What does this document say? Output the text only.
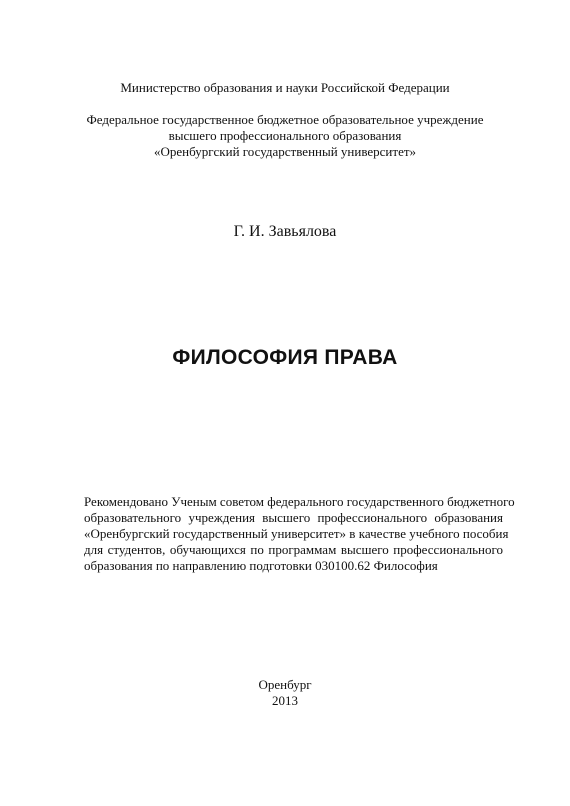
Министерство образования и науки Российской Федерации
Федеральное государственное бюджетное образовательное учреждение
высшего профессионального образования
«Оренбургский государственный университет»
Г. И. Завьялова
ФИЛОСОФИЯ ПРАВА
Рекомендовано Ученым советом федерального государственного бюджетного
образовательного учреждения высшего профессионального образования
«Оренбургский государственный университет» в качестве учебного пособия
для студентов, обучающихся по программам высшего профессионального
образования по направлению подготовки 030100.62 Философия
Оренбург
2013
